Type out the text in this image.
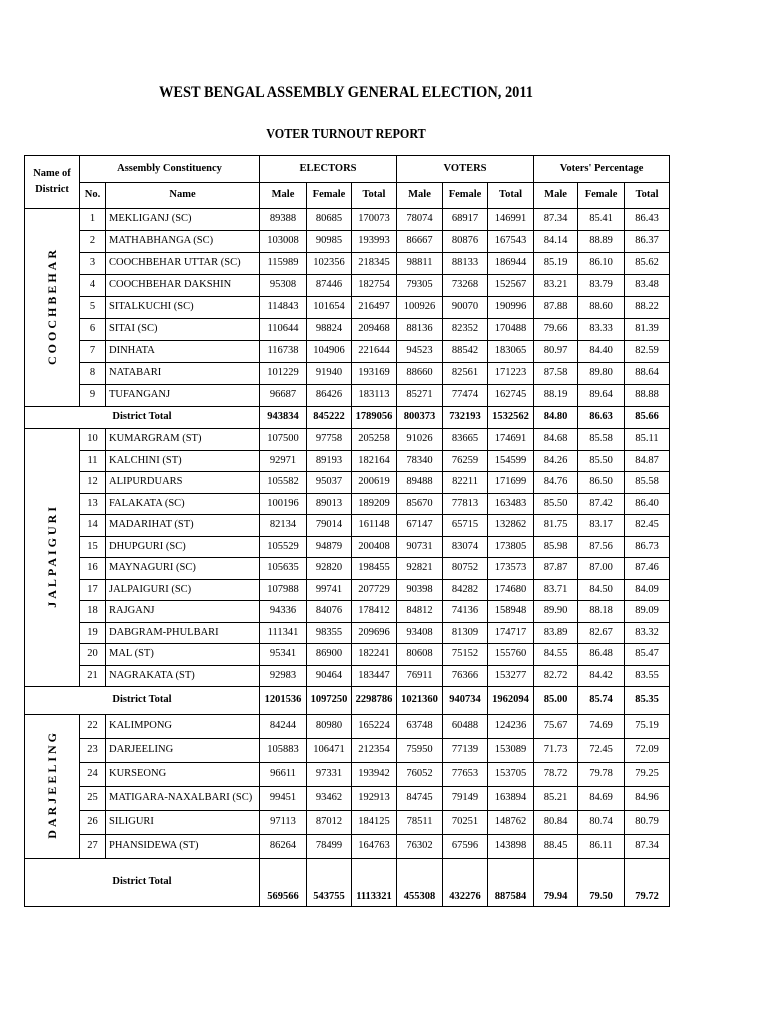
WEST BENGAL ASSEMBLY GENERAL ELECTION, 2011
VOTER TURNOUT REPORT
Name of
District	Assembly Constituency		ELECTORS			VOTERS			Voters' Percentage		
	No.	Name	Male	Female	Total	Male	Female	Total	Male	Female	Total
COOCHBEHAR	1	MEKLIGANJ (SC)	89388	80685	170073	78074	68917	146991	87.34	85.41	86.43
	2	MATHABHANGA (SC)	103008	90985	193993	86667	80876	167543	84.14	88.89	86.37
	3	COOCHBEHAR UTTAR (SC)	115989	102356	218345	98811	88133	186944	85.19	86.10	85.62
	4	COOCHBEHAR DAKSHIN	95308	87446	182754	79305	73268	152567	83.21	83.79	83.48
	5	SITALKUCHI (SC)	114843	101654	216497	100926	90070	190996	87.88	88.60	88.22
	6	SITAI (SC)	110644	98824	209468	88136	82352	170488	79.66	83.33	81.39
	7	DINHATA	116738	104906	221644	94523	88542	183065	80.97	84.40	82.59
	8	NATABARI	101229	91940	193169	88660	82561	171223	87.58	89.80	88.64
	9	TUFANGANJ	96687	86426	183113	85271	77474	162745	88.19	89.64	88.88
District Total			943834	845222	1789056	800373	732193	1532562	84.80	86.63	85.66
JALPAIGURI	10	KUMARGRAM (ST)	107500	97758	205258	91026	83665	174691	84.68	85.58	85.11
	11	KALCHINI (ST)	92971	89193	182164	78340	76259	154599	84.26	85.50	84.87
	12	ALIPURDUARS	105582	95037	200619	89488	82211	171699	84.76	86.50	85.58
	13	FALAKATA (SC)	100196	89013	189209	85670	77813	163483	85.50	87.42	86.40
	14	MADARIHAT (ST)	82134	79014	161148	67147	65715	132862	81.75	83.17	82.45
	15	DHUPGURI (SC)	105529	94879	200408	90731	83074	173805	85.98	87.56	86.73
	16	MAYNAGURI (SC)	105635	92820	198455	92821	80752	173573	87.87	87.00	87.46
	17	JALPAIGURI (SC)	107988	99741	207729	90398	84282	174680	83.71	84.50	84.09
	18	RAJGANJ	94336	84076	178412	84812	74136	158948	89.90	88.18	89.09
	19	DABGRAM-PHULBARI	111341	98355	209696	93408	81309	174717	83.89	82.67	83.32
	20	MAL (ST)	95341	86900	182241	80608	75152	155760	84.55	86.48	85.47
	21	NAGRAKATA (ST)	92983	90464	183447	76911	76366	153277	82.72	84.42	83.55
District Total			1201536	1097250	2298786	1021360	940734	1962094	85.00	85.74	85.35
DARJEELING	22	KALIMPONG	84244	80980	165224	63748	60488	124236	75.67	74.69	75.19
	23	DARJEELING	105883	106471	212354	75950	77139	153089	71.73	72.45	72.09
	24	KURSEONG	96611	97331	193942	76052	77653	153705	78.72	79.78	79.25
	25	MATIGARA-NAXALBARI (SC)	99451	93462	192913	84745	79149	163894	85.21	84.69	84.96
	26	SILIGURI	97113	87012	184125	78511	70251	148762	80.84	80.74	80.79
	27	PHANSIDEWA (ST)	86264	78499	164763	76302	67596	143898	88.45	86.11	87.34
District Total			569566	543755	1113321	455308	432276	887584	79.94	79.50	79.72
